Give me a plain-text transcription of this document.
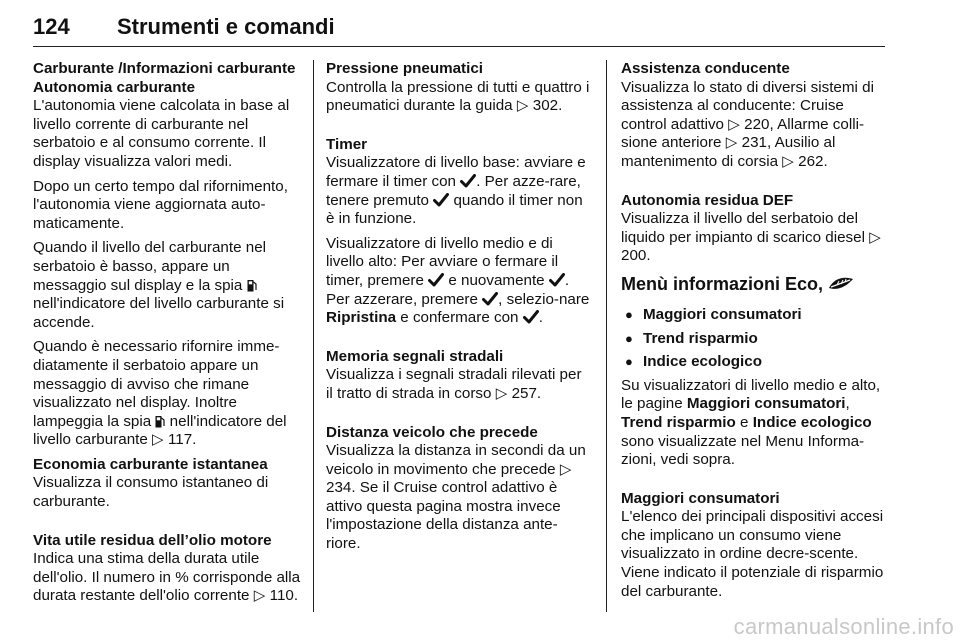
124 Strumenti e comandi

Carburante /Informazioni carburante

Autonomia carburante

L'autonomia viene calcolata in base al livello corrente di carburante nel serbatoio e al consumo corrente. Il display visualizza valori medi.

Dopo un certo tempo dal rifornimento, l'autonomia viene aggiornata auto-maticamente.

Quando il livello del carburante nel serbatoio è basso, appare un messaggio sul display e la spia  nell'indicatore del livello carburante si accende.

Quando è necessario rifornire imme-diatamente il serbatoio appare un messaggio di avviso che rimane visualizzato nel display. Inoltre lampeggia la spia nell'indicatore del livello carburante ▷ 117.

Economia carburante istantanea

Visualizza il consumo istantaneo di carburante.

Vita utile residua dell’olio motore

Indica una stima della durata utile dell'olio. Il numero in % corrisponde alla durata restante dell'olio corrente ▷ 110.

Pressione pneumatici

Controlla la pressione di tutti e quattro i pneumatici durante la guida ▷ 302.

Timer

Visualizzatore di livello base: avviare e fermare il timer con . Per azze-rare, tenere premuto quando il timer non è in funzione.

Visualizzatore di livello medio e di livello alto: Per avviare o fermare il timer, premere e nuovamente . Per azzerare, premere , selezio-nare Ripristina e confermare con .

Memoria segnali stradali

Visualizza i segnali stradali rilevati per il tratto di strada in corso ▷ 257.

Distanza veicolo che precede

Visualizza la distanza in secondi da un veicolo in movimento che precede ▷ 234. Se il Cruise control adattivo è attivo questa pagina mostra invece l'impostazione della distanza ante-riore.

Assistenza conducente

Visualizza lo stato di diversi sistemi di assistenza al conducente: Cruise control adattivo ▷ 220, Allarme colli-sione anteriore ▷ 231, Ausilio al mantenimento di corsia ▷ 262.

Autonomia residua DEF

Visualizza il livello del serbatoio del liquido per impianto di scarico diesel ▷ 200.

Menù informazioni Eco,

● Maggiori consumatori
● Trend risparmio
● Indice ecologico

Su visualizzatori di livello medio e alto, le pagine Maggiori consumatori, Trend risparmio e Indice ecologico sono visualizzate nel Menu Informa-zioni, vedi sopra.

Maggiori consumatori

L'elenco dei principali dispositivi accesi che implicano un consumo viene visualizzato in ordine decre-scente. Viene indicato il potenziale di risparmio del carburante.

carmanualsonline.info
